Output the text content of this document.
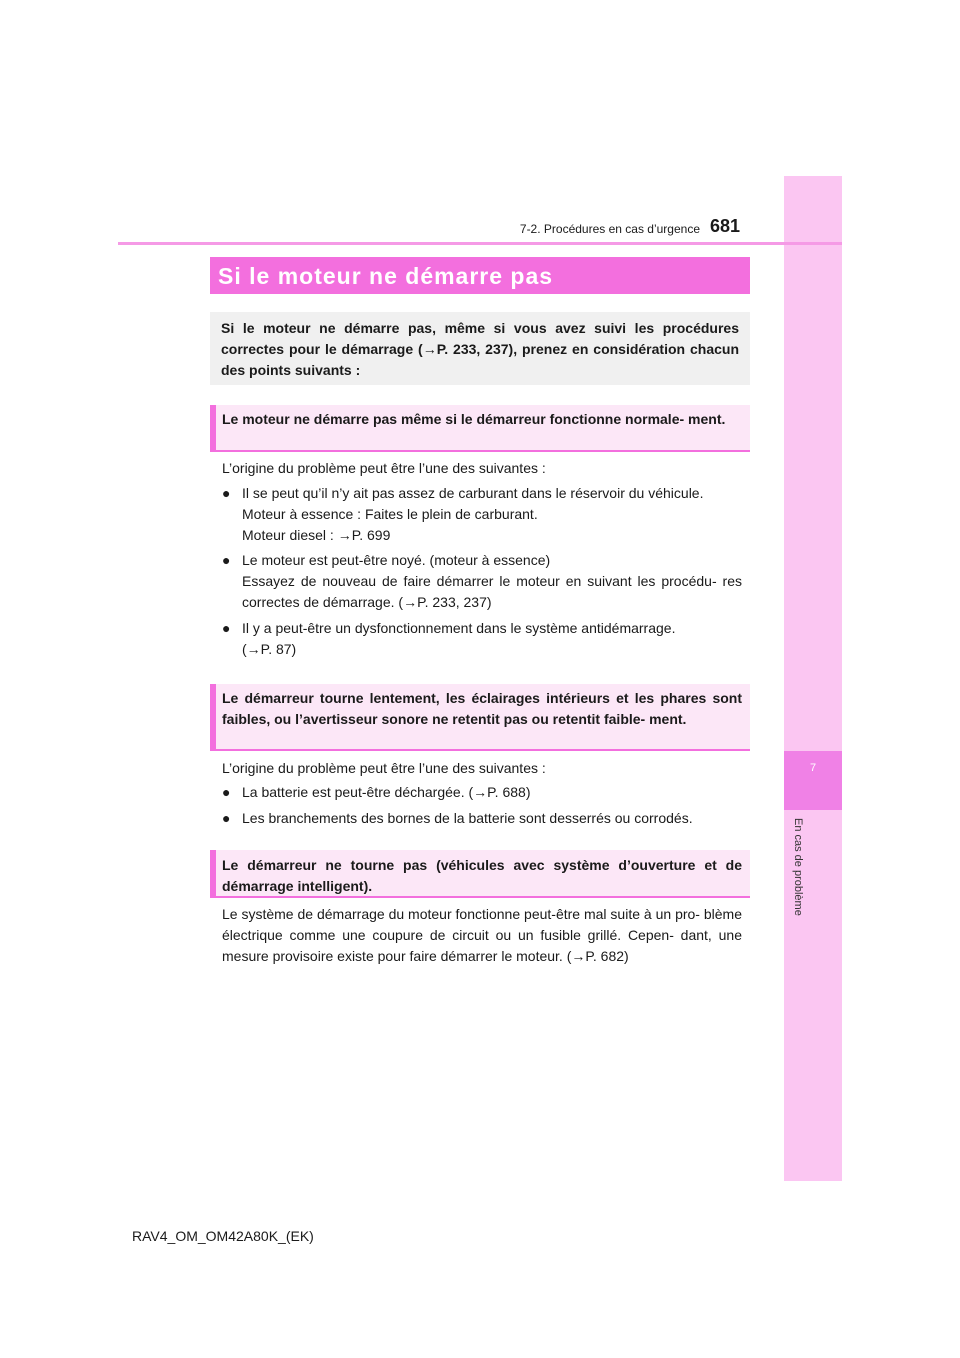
7
En cas de problème
681
7-2. Procédures en cas d’urgence
Si le moteur ne démarre pas
Si le moteur ne démarre pas, même si vous avez suivi les procédures correctes pour le démarrage (→P. 233, 237), prenez en considération chacun des points suivants :
Le moteur ne démarre pas même si le démarreur fonctionne normale- ment.
L’origine du problème peut être l’une des suivantes :
● Il se peut qu’il n’y ait pas assez de carburant dans le réservoir du véhicule.
Moteur à essence : Faites le plein de carburant.
Moteur diesel : →P. 699
● Le moteur est peut-être noyé. (moteur à essence)
Essayez de nouveau de faire démarrer le moteur en suivant les procédu- res correctes de démarrage. (→P. 233, 237)
● Il y a peut-être un dysfonctionnement dans le système antidémarrage.
(→P. 87)
Le démarreur tourne lentement, les éclairages intérieurs et les phares sont faibles, ou l’avertisseur sonore ne retentit pas ou retentit faible- ment.
L’origine du problème peut être l’une des suivantes :
● La batterie est peut-être déchargée. (→P. 688)
● Les branchements des bornes de la batterie sont desserrés ou corrodés.
Le démarreur ne tourne pas (véhicules avec système d’ouverture et de démarrage intelligent).
Le système de démarrage du moteur fonctionne peut-être mal suite à un pro- blème électrique comme une coupure de circuit ou un fusible grillé. Cepen- dant, une mesure provisoire existe pour faire démarrer le moteur. (→P. 682)
RAV4_OM_OM42A80K_(EK)
